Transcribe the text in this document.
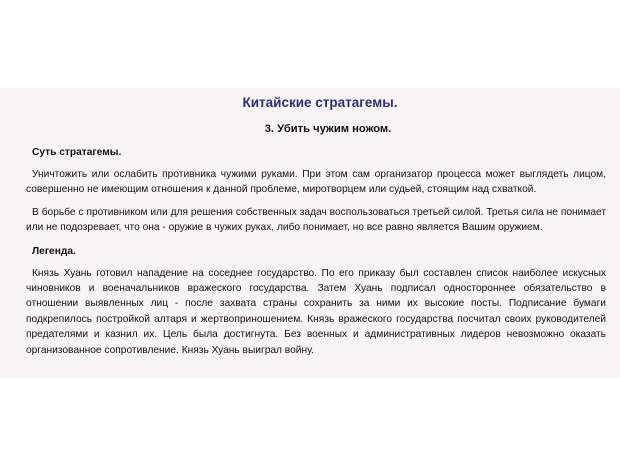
Китайские стратагемы.
3. Убить чужим ножом.
Суть стратагемы.

Уничтожить или ослабить противника чужими руками. При этом сам организатор процесса может выглядеть лицом, совершенно не имеющим отношения к данной проблеме, миротворцем или судьей, стоящим над схваткой.

В борьбе с противником или для решения собственных задач воспользоваться третьей силой. Третья сила не понимает или не подозревает, что она - оружие в чужих руках, либо понимает, но все равно является Вашим оружием.

Легенда.

Князь Хуань готовил нападение на соседнее государство. По его приказу был составлен список наиболее искусных чиновников и военачальников вражеского государства. Затем Хуань подписал одностороннее обязательство в отношении выявленных лиц - после захвата страны сохранить за ними их высокие посты. Подписание бумаги подкрепилось постройкой алтаря и жертвоприношением. Князь вражеского государства посчитал своих руководителей предателями и казнил их. Цель была достигнута. Без военных и административных лидеров невозможно оказать организованное сопротивление. Князь Хуань выиграл войну.
